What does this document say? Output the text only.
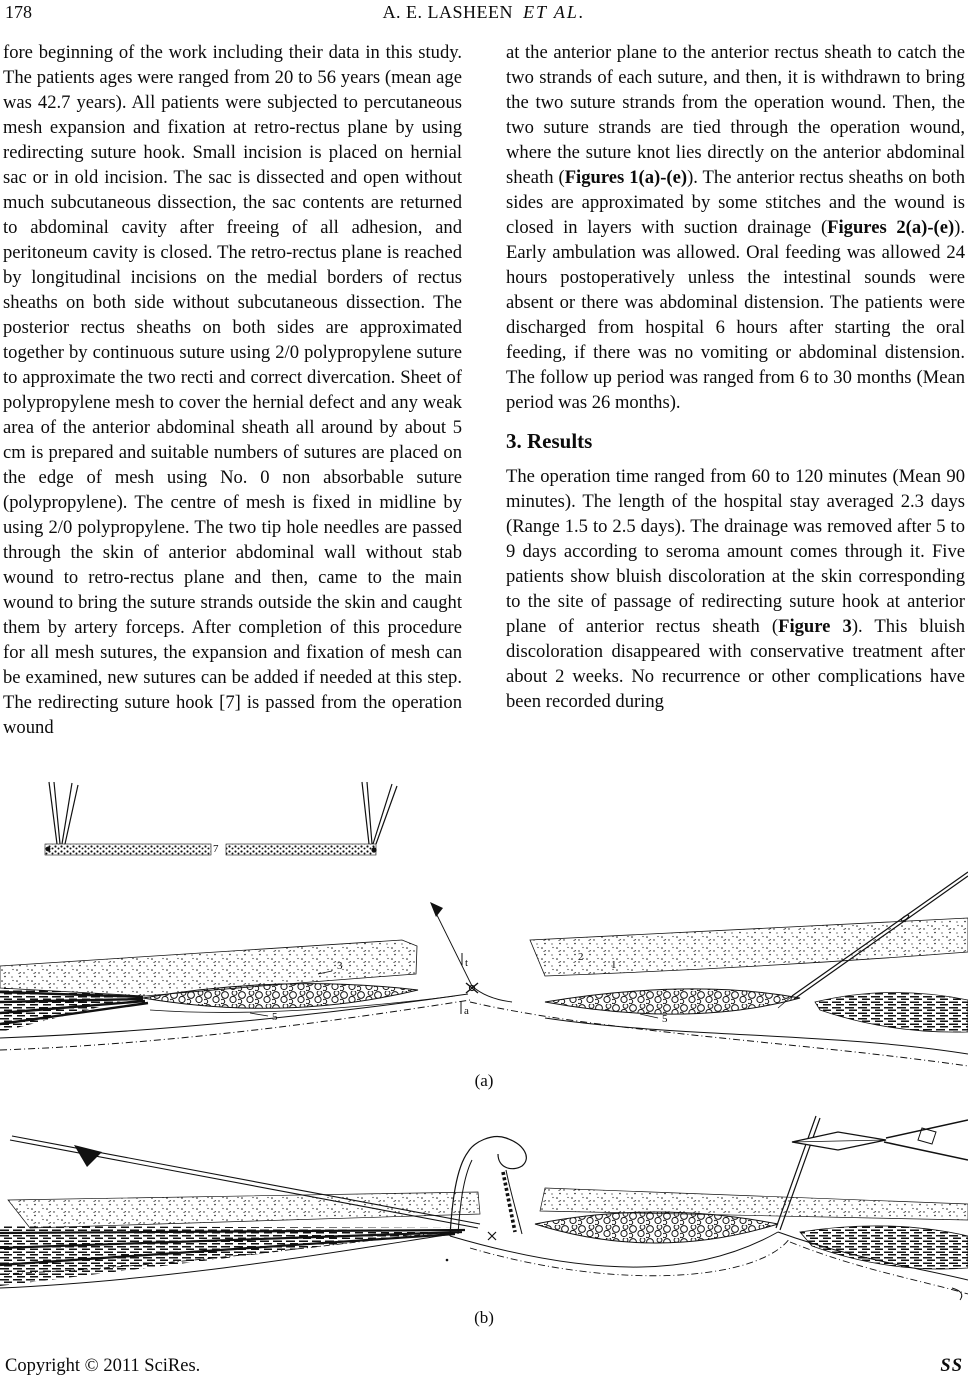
178	A. E. LASHEEN ET AL.

fore beginning of the work including their data in this study. The patients ages were ranged from 20 to 56 years (mean age was 42.7 years). All patients were subjected to percutaneous mesh expansion and fixation at retro-rectus plane by using redirecting suture hook. Small incision is placed on hernial sac or in old incision. The sac is dissected and open without much subcutaneous dissection, the sac contents are returned to abdominal cavity after freeing of all adhesion, and peritoneum cavity is closed. The retro-rectus plane is reached by longitudinal incisions on the medial borders of rectus sheaths on both side without subcutaneous dissection. The posterior rectus sheaths on both sides are approximated together by continuous suture using 2/0 polypropylene suture to approximate the two recti and correct divercation. Sheet of polypropylene mesh to cover the hernial defect and any weak area of the anterior abdominal sheath all around by about 5 cm is prepared and suitable numbers of sutures are placed on the edge of mesh using No. 0 non absorbable suture (polypropylene). The centre of mesh is fixed in midline by using 2/0 polypropylene. The two tip hole needles are passed through the skin of anterior abdominal wall without stab wound to retro-rectus plane and then, came to the main wound to bring the suture strands outside the skin and caught them by artery forceps. After completion of this procedure for all mesh sutures, the expansion and fixation of mesh can be examined, new sutures can be added if needed at this step. The redirecting suture hook [7] is passed from the operation wound

at the anterior plane to the anterior rectus sheath to catch the two strands of each suture, and then, it is withdrawn to bring the two suture strands from the operation wound. Then, the two suture strands are tied through the operation wound, where the suture knot lies directly on the anterior abdominal sheath (Figures 1(a)-(e)). The anterior rectus sheaths on both sides are approximated by some stitches and the wound is closed in layers with suction drainage (Figures 2(a)-(e)). Early ambulation was allowed. Oral feeding was allowed 24 hours postoperatively unless the intestinal sounds were absent or there was abdominal distension. The patients were discharged from hospital 6 hours after starting the oral feeding, if there was no vomiting or abdominal distension. The follow up period was ranged from 6 to 30 months (Mean period was 26 months).

3. Results

The operation time ranged from 60 to 120 minutes (Mean 90 minutes). The length of the hospital stay averaged 2.3 days (Range 1.5 to 2.5 days). The drainage was removed after 5 to 9 days according to seroma amount comes through it. Five patients show bluish discoloration at the skin corresponding to the site of passage of redirecting suture hook at anterior plane of anterior rectus sheath (Figure 3). This bluish discoloration disappeared with conservative treatment after about 2 weeks. No recurrence or other complications have been recorded during

7
3
5
t
a
2
1
5
(a)
(b)
Copyright © 2011 SciRes.	SS
